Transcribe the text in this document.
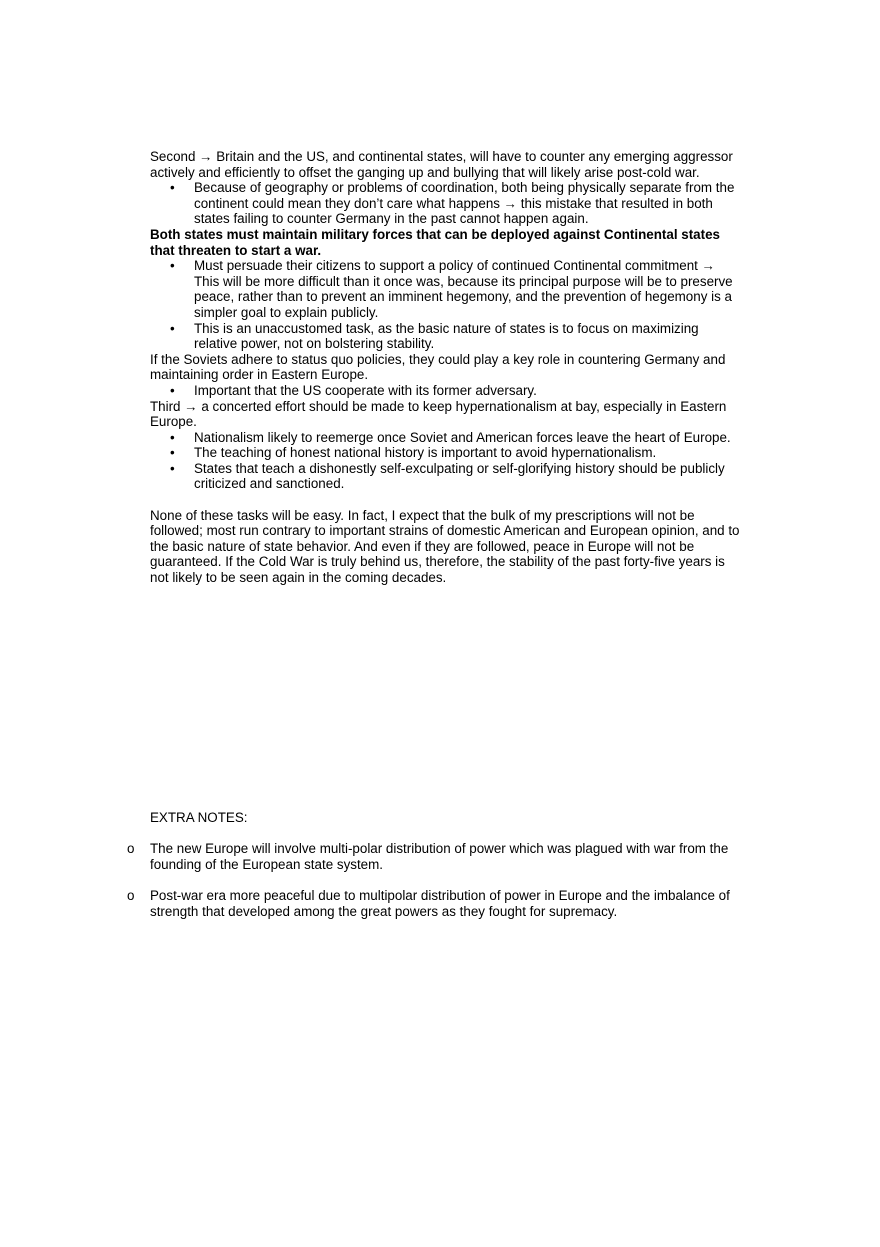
Second → Britain and the US, and continental states, will have to counter any emerging aggressor actively and efficiently to offset the ganging up and bullying that will likely arise post-cold war.

• Because of geography or problems of coordination, both being physically separate from the continent could mean they don’t care what happens → this mistake that resulted in both states failing to counter Germany in the past cannot happen again.

Both states must maintain military forces that can be deployed against Continental states that threaten to start a war.

• Must persuade their citizens to support a policy of continued Continental commitment → This will be more difficult than it once was, because its principal purpose will be to preserve peace, rather than to prevent an imminent hegemony, and the prevention of hegemony is a simpler goal to explain publicly.
• This is an unaccustomed task, as the basic nature of states is to focus on maximizing relative power, not on bolstering stability.

If the Soviets adhere to status quo policies, they could play a key role in countering Germany and maintaining order in Eastern Europe.

• Important that the US cooperate with its former adversary.

Third → a concerted effort should be made to keep hypernationalism at bay, especially in Eastern Europe.

• Nationalism likely to reemerge once Soviet and American forces leave the heart of Europe.
• The teaching of honest national history is important to avoid hypernationalism.
• States that teach a dishonestly self-exculpating or self-glorifying history should be publicly criticized and sanctioned.

None of these tasks will be easy. In fact, I expect that the bulk of my prescriptions will not be followed; most run contrary to important strains of domestic American and European opinion, and to the basic nature of state behavior. And even if they are followed, peace in Europe will not be guaranteed. If the Cold War is truly behind us, therefore, the stability of the past forty-five years is not likely to be seen again in the coming decades.

EXTRA NOTES:

o The new Europe will involve multi-polar distribution of power which was plagued with war from the founding of the European state system.
o Post-war era more peaceful due to multipolar distribution of power in Europe and the imbalance of strength that developed among the great powers as they fought for supremacy.
